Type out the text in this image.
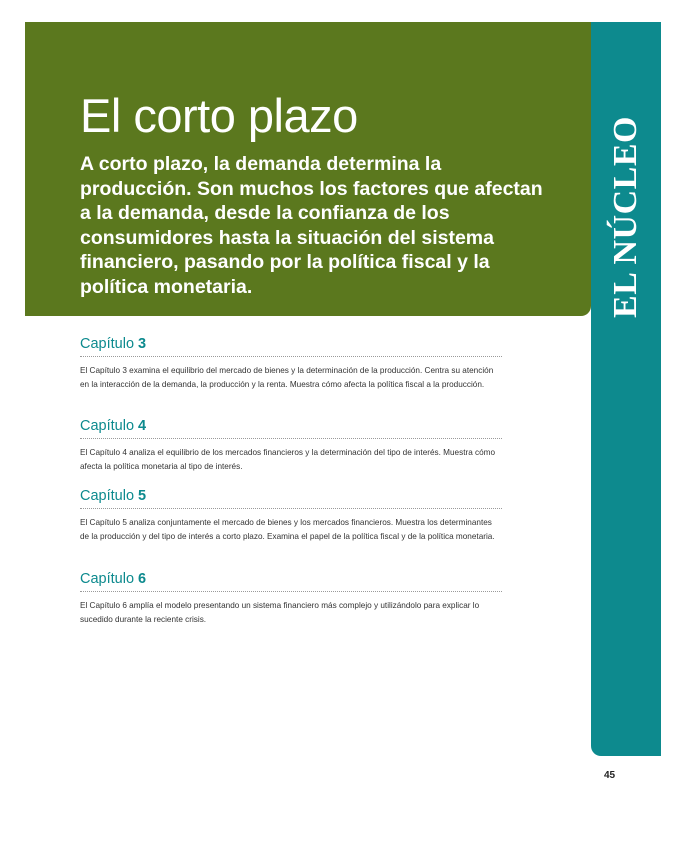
El corto plazo

A corto plazo, la demanda determina la producción. Son muchos los factores que afectan a la demanda, desde la confianza de los consumidores hasta la situación del sistema financiero, pasando por la política fiscal y la política monetaria.	EL NÚCLEO
Capítulo 3
El Capítulo 3 examina el equilibrio del mercado de bienes y la determinación de la producción. Centra su atención en la interacción de la demanda, la producción y la renta. Muestra cómo afecta la política fiscal a la producción.
Capítulo 4
El Capítulo 4 analiza el equilibrio de los mercados financieros y la determinación del tipo de interés. Muestra cómo afecta la política monetaria al tipo de interés.
Capítulo 5
El Capítulo 5 analiza conjuntamente el mercado de bienes y los mercados financieros. Muestra los determinantes de la producción y del tipo de interés a corto plazo. Examina el papel de la política fiscal y de la política monetaria.
Capítulo 6
El Capítulo 6 amplía el modelo presentando un sistema financiero más complejo y utilizándolo para explicar lo sucedido durante la reciente crisis.
45
